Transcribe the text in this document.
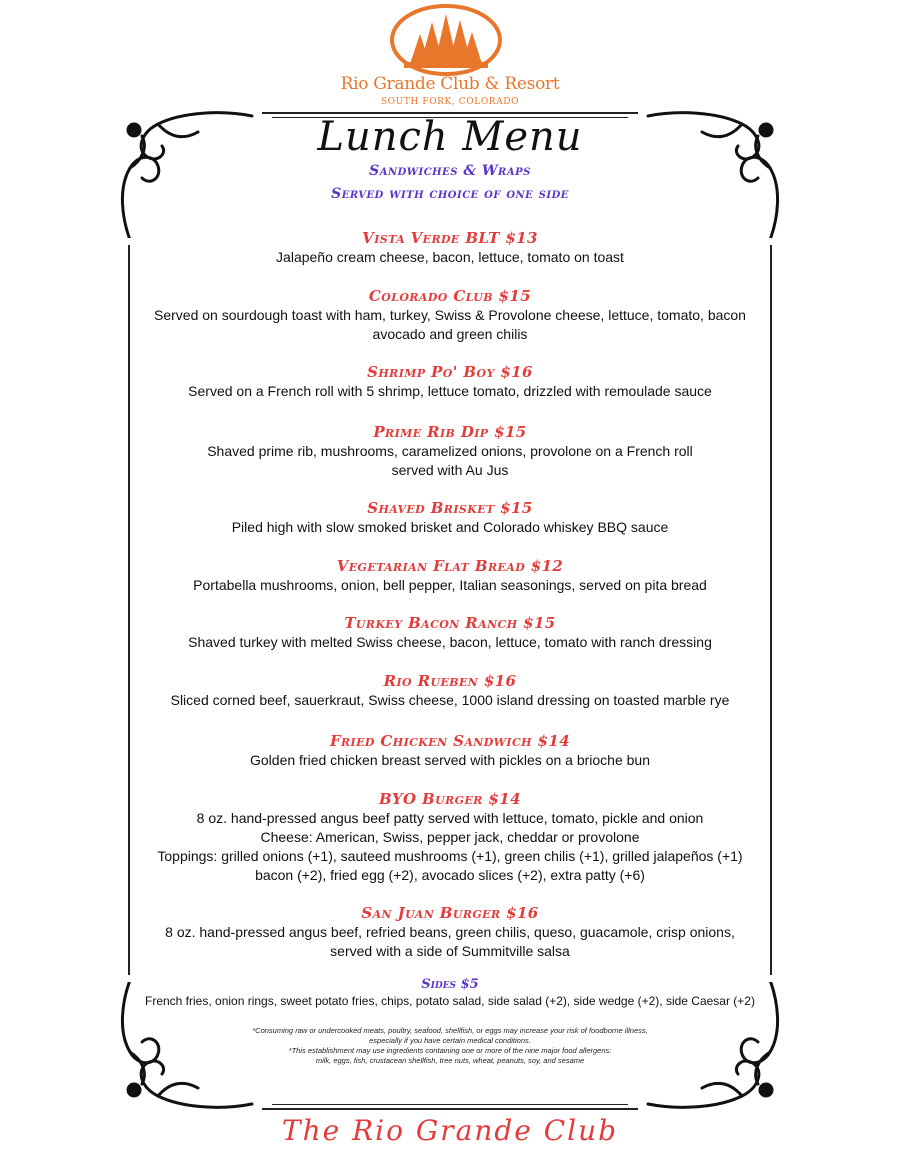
Rio Grande Club & Resort
SOUTH FORK, COLORADO
Lunch Menu
Sandwiches & Wraps
Served with choice of one side
Vista Verde BLT $13
Jalapeño cream cheese, bacon, lettuce, tomato on toast
Colorado Club $15
Served on sourdough toast with ham, turkey, Swiss & Provolone cheese, lettuce, tomato, bacon
avocado and green chilis
Shrimp Po' Boy $16
Served on a French roll with 5 shrimp, lettuce tomato, drizzled with remoulade sauce
Prime Rib Dip $15
Shaved prime rib, mushrooms, caramelized onions, provolone on a French roll
served with Au Jus
Shaved Brisket $15
Piled high with slow smoked brisket and Colorado whiskey BBQ sauce
Vegetarian Flat Bread $12
Portabella mushrooms, onion, bell pepper, Italian seasonings, served on pita bread
Turkey Bacon Ranch $15
Shaved turkey with melted Swiss cheese, bacon, lettuce, tomato with ranch dressing
Rio Rueben $16
Sliced corned beef, sauerkraut, Swiss cheese, 1000 island dressing on toasted marble rye
Fried Chicken Sandwich $14
Golden fried chicken breast served with pickles on a brioche bun
BYO Burger $14
8 oz. hand-pressed angus beef patty served with lettuce, tomato, pickle and onion
Cheese: American, Swiss, pepper jack, cheddar or provolone
Toppings: grilled onions (+1), sauteed mushrooms (+1), green chilis (+1), grilled jalapeños (+1)
bacon (+2), fried egg (+2), avocado slices (+2), extra patty (+6)
San Juan Burger $16
8 oz. hand-pressed angus beef, refried beans, green chilis, queso, guacamole, crisp onions,
served with a side of Summitville salsa
Sides $5
French fries, onion rings, sweet potato fries, chips, potato salad, side salad (+2), side wedge (+2), side Caesar (+2)
*Consuming raw or undercooked meats, poultry, seafood, shellfish, or eggs may increase your risk of foodborne illness,
especially if you have certain medical conditions.
*This establishment may use ingredients containing one or more of the nine major food allergens:
milk, eggs, fish, crustacean shellfish, tree nuts, wheat, peanuts, soy, and sesame
The Rio Grande Club
